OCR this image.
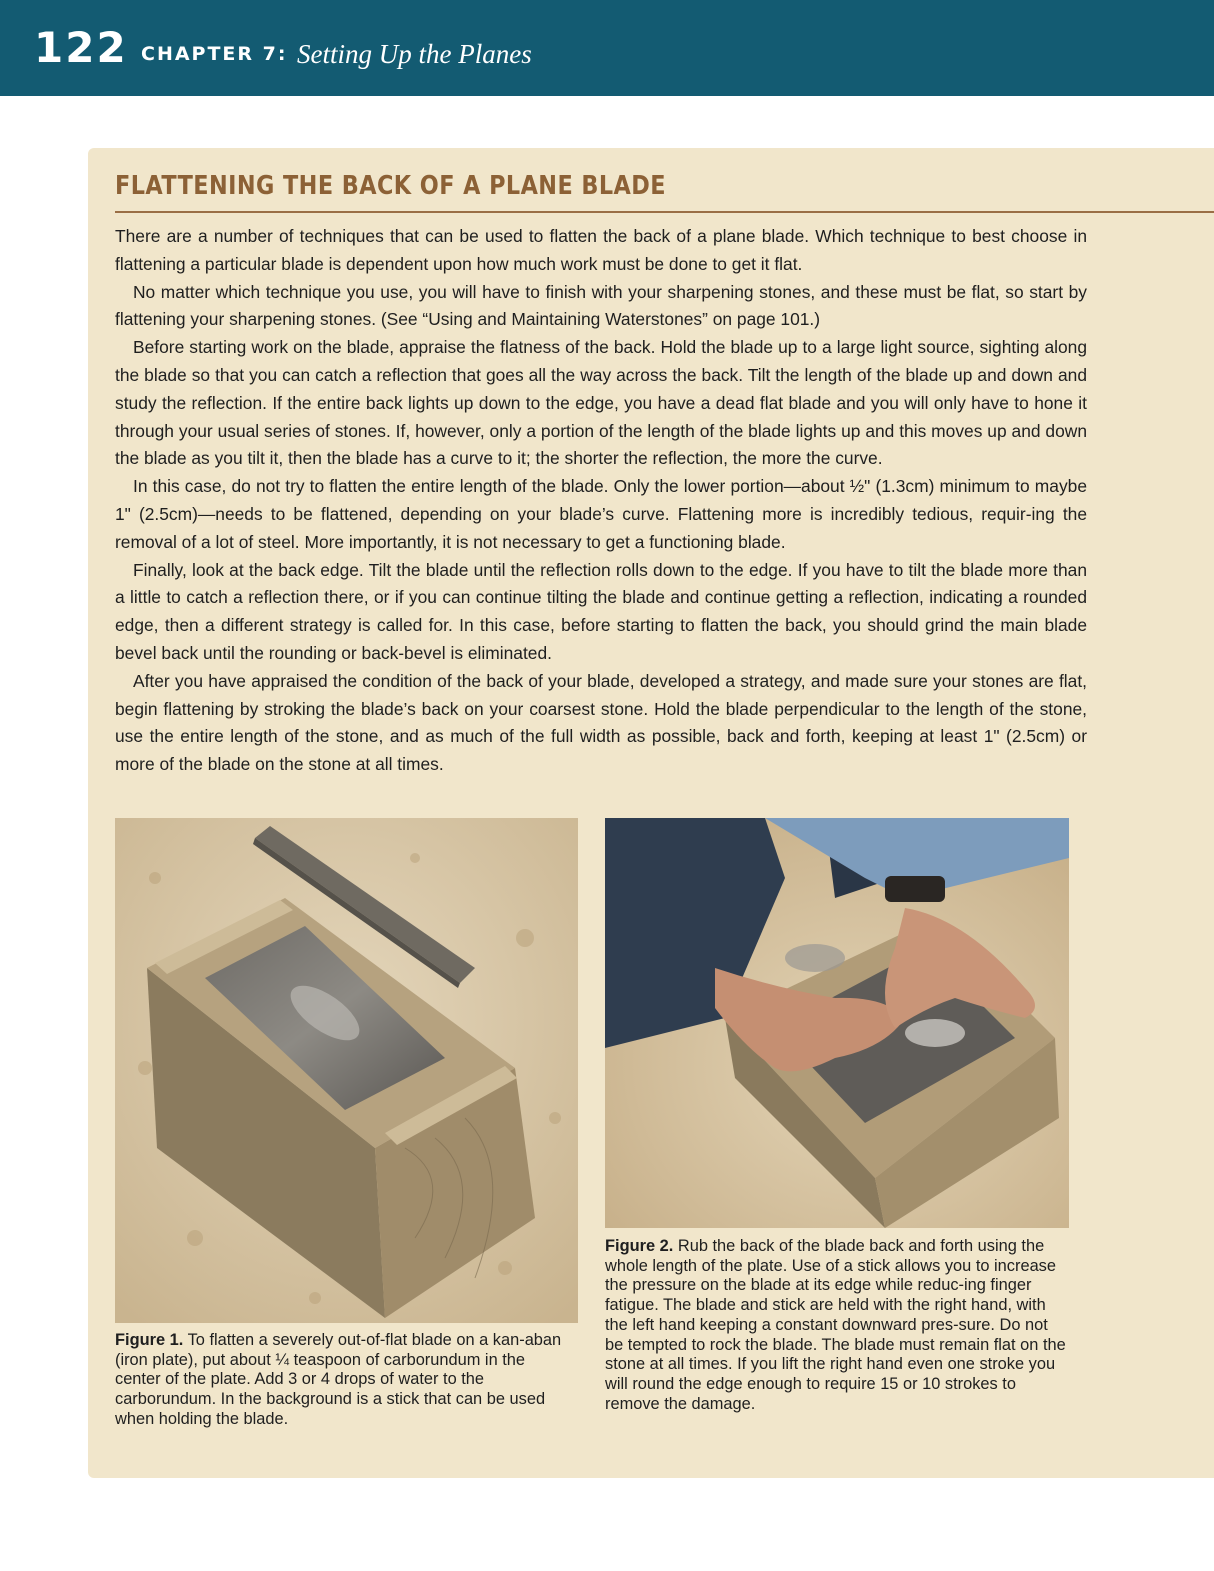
122 CHAPTER 7: Setting Up the Planes
FLATTENING THE BACK OF A PLANE BLADE

There are a number of techniques that can be used to flatten the back of a plane blade. Which technique to best choose in flattening a particular blade is dependent upon how much work must be done to get it flat.

No matter which technique you use, you will have to finish with your sharpening stones, and these must be flat, so start by flattening your sharpening stones. (See “Using and Maintaining Waterstones” on page 101.)

Before starting work on the blade, appraise the flatness of the back. Hold the blade up to a large light source, sighting along the blade so that you can catch a reflection that goes all the way across the back. Tilt the length of the blade up and down and study the reflection. If the entire back lights up down to the edge, you have a dead flat blade and you will only have to hone it through your usual series of stones. If, however, only a portion of the length of the blade lights up and this moves up and down the blade as you tilt it, then the blade has a curve to it; the shorter the reflection, the more the curve.

In this case, do not try to flatten the entire length of the blade. Only the lower portion—about ½" (1.3cm) minimum to maybe 1" (2.5cm)—needs to be flattened, depending on your blade’s curve. Flattening more is incredibly tedious, requir-ing the removal of a lot of steel. More importantly, it is not necessary to get a functioning blade.

Finally, look at the back edge. Tilt the blade until the reflection rolls down to the edge. If you have to tilt the blade more than a little to catch a reflection there, or if you can continue tilting the blade and continue getting a reflection, indicating a rounded edge, then a different strategy is called for. In this case, before starting to flatten the back, you should grind the main blade bevel back until the rounding or back-bevel is eliminated.

After you have appraised the condition of the back of your blade, developed a strategy, and made sure your stones are flat, begin flattening by stroking the blade’s back on your coarsest stone. Hold the blade perpendicular to the length of the stone, use the entire length of the stone, and as much of the full width as possible, back and forth, keeping at least 1" (2.5cm) or more of the blade on the stone at all times.

Figure 1. To flatten a severely out-of-flat blade on a kan-aban (iron plate), put about ¼ teaspoon of carborundum in the center of the plate. Add 3 or 4 drops of water to the carborundum. In the background is a stick that can be used when holding the blade.
Figure 2. Rub the back of the blade back and forth using the whole length of the plate. Use of a stick allows you to increase the pressure on the blade at its edge while reduc-ing finger fatigue. The blade and stick are held with the right hand, with the left hand keeping a constant downward pres-sure. Do not be tempted to rock the blade. The blade must remain flat on the stone at all times. If you lift the right hand even one stroke you will round the edge enough to require 15 or 10 strokes to remove the damage.
